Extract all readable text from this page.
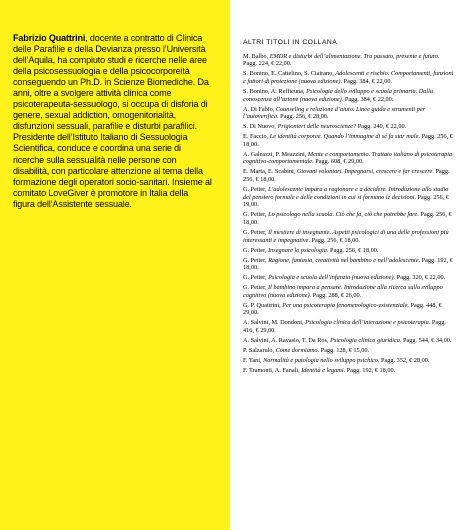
Fabrizio Quattrini, docente a contratto di Clinica delle Parafilie e della Devianza presso l’Università dell’Aquila, ha compiuto studi e ricerche nelle aree della psicosessuologia e della psicocorporeità conseguendo un Ph.D. in Scienze Biomediche. Da anni, oltre a svolgere attività clinica come psicoterapeuta-sessuologo, si occupa di disforia di genere, sexual addiction, omogenitorialità, disfunzioni sessuali, parafilie e disturbi parafilici. Presidente dell’Istituto Italiano di Sessuologia Scientifica, conduce e coordina una serie di ricerche sulla sessualità nelle persone con disabilità, con particolare attenzione al tema della formazione degli operatori socio-sanitari. Insieme al comitato LoveGiver è promotore in Italia della figura dell’Assistente sessuale.
ALTRI TITOLI IN COLLANA
M. Balbo, EMDR e disturbi dell’alimentazione. Tra passato, presente e futuro. Pagg. 224, € 22,00.
S. Bonino, E. Cattelino, S. Ciairano, Adolescenti e rischio. Comportamenti, funzioni e fattori di protezione (nuova edizione). Pagg. 384, € 22,00.
S. Bonino, A. Reffieuna, Psicologia dello sviluppo e scuola primaria. Dalla conoscenza all’azione (nuova edizione). Pagg. 384, € 22,00.
A. Di Fabio, Counseling e relazione d’aiuto. Linee guida e strumenti per l’autoverifica. Pagg. 256, € 28,00.
S. Di Nuovo, Prigionieri delle neuroscienze? Pagg. 240, € 22,00.
E. Faccio, Le identità corporee. Quando l’immagine di sé fa star male. Pagg. 256, € 18,00.
A. Galeazzi, P. Meazzini, Mente e comportamento. Trattato italiano di psicoterapia cognitivo-comportamentale. Pagg. 608, € 29,00.
E. Marta, E. Scabini, Giovani volontari. Impegnarsi, crescere e far crescere. Pagg. 256, € 18,00.
G. Petter, L’adolescente impara a ragionare e a decidere. Introduzione allo studio del pensiero formale e delle condizioni in cui si formano le decisioni. Pagg. 256, € 19,00.
G. Petter, Lo psicologo nella scuola. Ciò che fa, ciò che potrebbe fare. Pagg. 256, € 18,00.
G. Petter, Il mestiere di insegnante. Aspetti psicologici di una delle professioni più interessanti e impegnative. Pagg. 256, € 18,00.
G. Petter, Insegnare la psicologia. Pagg. 256, € 18,00.
G. Petter, Ragione, fantasia, creatività nel bambino e nell’adolescente. Pagg. 192, € 18,00.
G. Petter, Psicologia e scuola dell’infanzia (nuova edizione). Pagg. 320, € 22,00.
G. Petter, Il bambino impara a pensare. Introduzione alla ricerca sullo sviluppo cognitivo (nuova edizione). Pagg. 288, € 26,00.
G. P. Quattrini, Per una psicoterapia fenomenologico-esistenziale. Pagg. 448, € 29,00.
A. Salvini, M. Dondoni, Psicologia clinica dell’interazione e psicoterapia. Pagg. 416, € 29,00.
A. Salvini, A. Ravasio, T. Da Ros, Psicologia clinica giuridica. Pagg. 544, € 34,00.
P. Salzarulo, Come dormiamo. Pagg. 128, € 15,00.
F. Tani, Normalità e patologia nello sviluppo psichico. Pagg. 352, € 28,00.
F. Tramonti, A. Fanali, Identità e legami. Pagg. 192, € 18,00.
